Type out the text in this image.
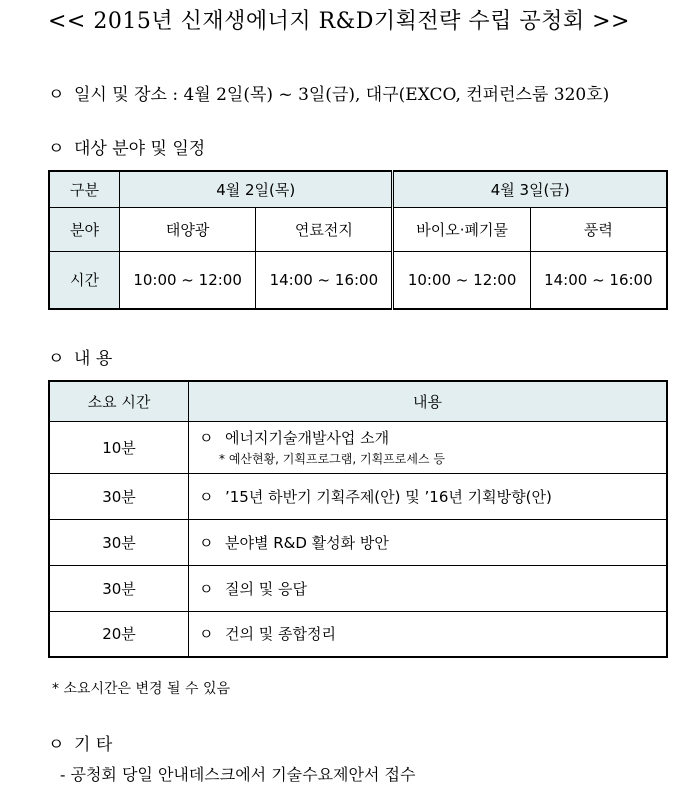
<< 2015년 신재생에너지 R&D기획전략 수립 공청회 >>
ㅇ 일시 및 장소 : 4월 2일(목) ~ 3일(금), 대구(EXCO, 컨퍼런스룸 320호)
ㅇ 대상 분야 및 일정
구분	4월 2일(목)		4월 3일(금)	
분야	태양광	연료전지	바이오·폐기물	풍력
시간	10:00 ~ 12:00	14:00 ~ 16:00	10:00 ~ 12:00	14:00 ~ 16:00
ㅇ 내 용
소요 시간	내용
10분	ㅇ 에너지기술개발사업 소개
* 예산현황, 기획프로그램, 기획프로세스 등

30분	ㅇ ’15년 하반기 기획주제(안) 및 ’16년 기획방향(안)
30분	ㅇ 분야별 R&D 활성화 방안
30분	ㅇ 질의 및 응답
20분	ㅇ 건의 및 종합정리
* 소요시간은 변경 될 수 있음
ㅇ 기 타
- 공청회 당일 안내데스크에서 기술수요제안서 접수
